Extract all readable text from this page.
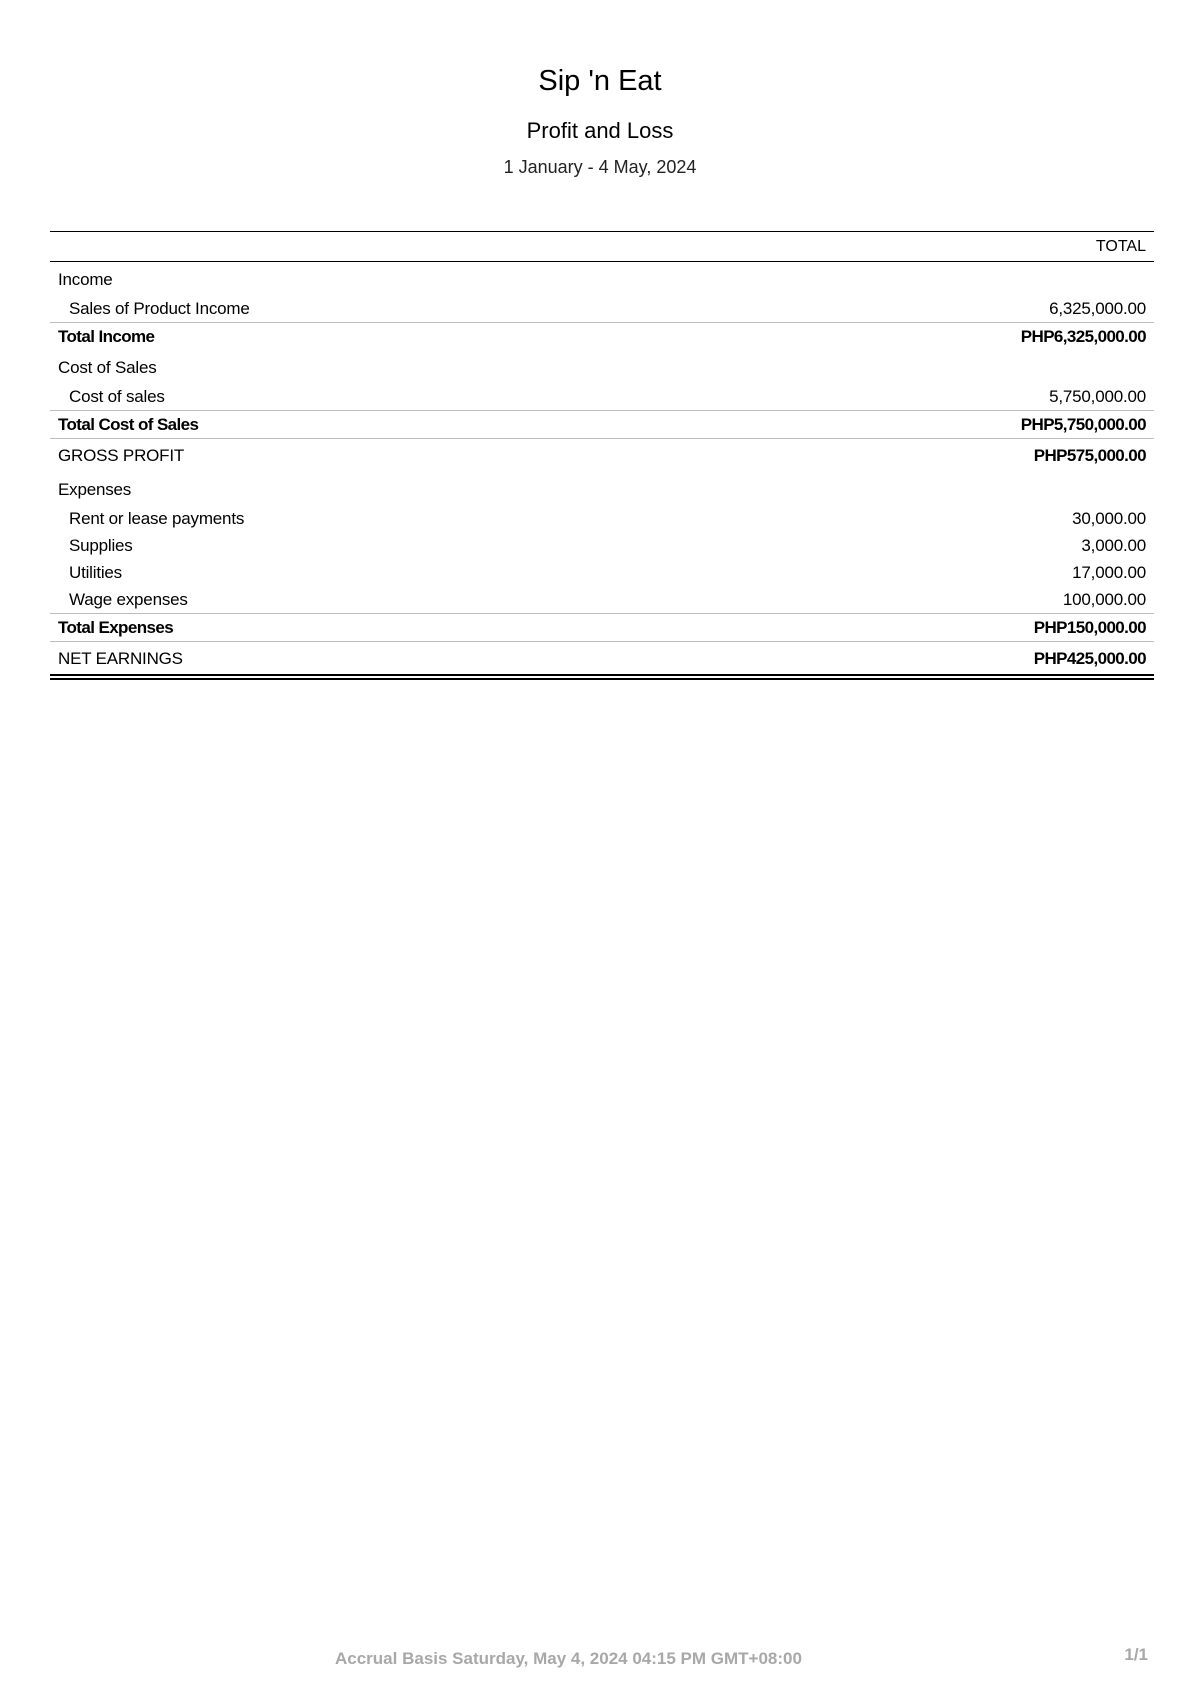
Sip 'n Eat
Profit and Loss
1 January - 4 May, 2024
TOTAL
Income
Sales of Product Income	6,325,000.00
Total Income	PHP6,325,000.00
Cost of Sales
Cost of sales	5,750,000.00
Total Cost of Sales	PHP5,750,000.00
GROSS PROFIT	PHP575,000.00
Expenses
Rent or lease payments	30,000.00
Supplies	3,000.00
Utilities	17,000.00
Wage expenses	100,000.00
Total Expenses	PHP150,000.00
NET EARNINGS	PHP425,000.00
Accrual Basis Saturday, May 4, 2024 04:15 PM GMT+08:00	1/1
